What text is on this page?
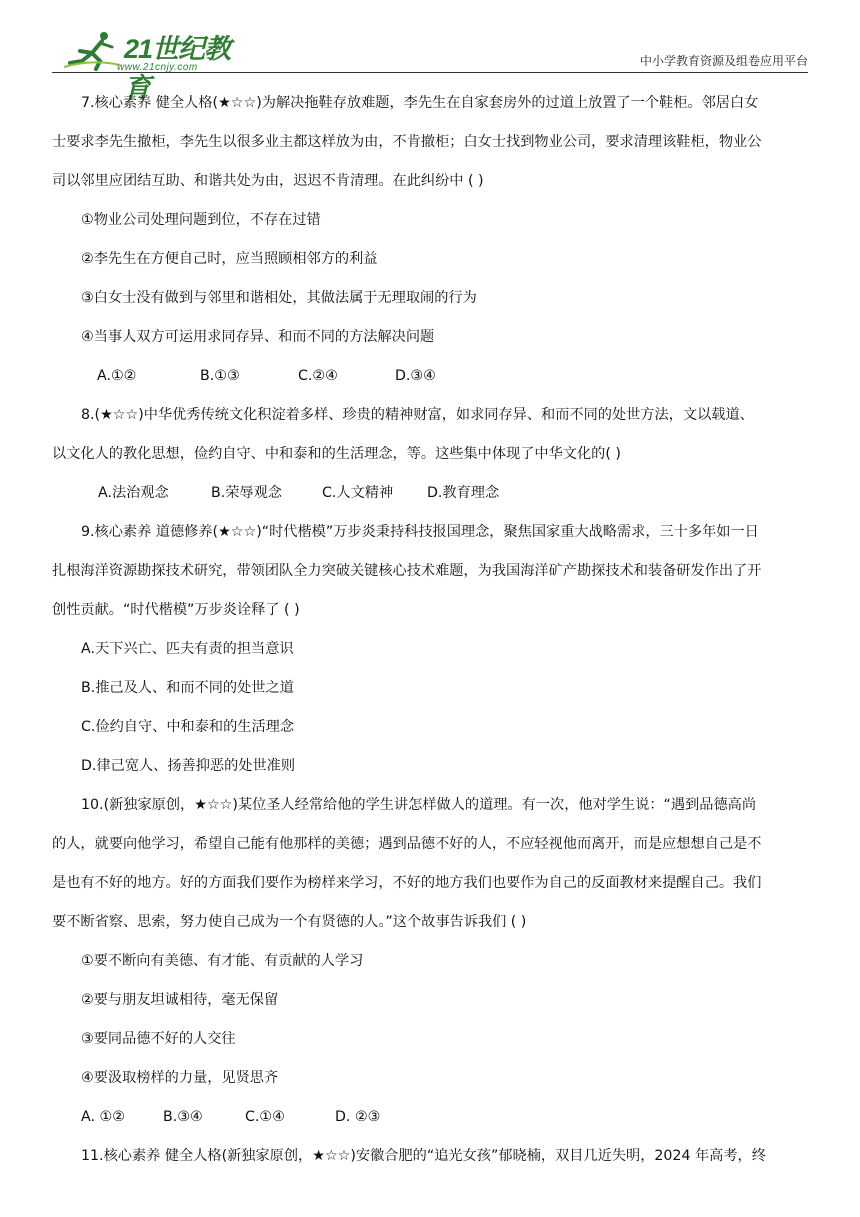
21世纪教育
www.21cnjy.com	中小学教育资源及组卷应用平台

7.核心素养 健全人格(★☆☆)为解决拖鞋存放难题，李先生在自家套房外的过道上放置了一个鞋柜。邻居白女

士要求李先生撤柜，李先生以很多业主都这样放为由，不肯撤柜；白女士找到物业公司，要求清理该鞋柜，物业公

司以邻里应团结互助、和谐共处为由，迟迟不肯清理。在此纠纷中 ( )

①物业公司处理问题到位，不存在过错

②李先生在方便自己时，应当照顾相邻方的利益

③白女士没有做到与邻里和谐相处，其做法属于无理取闹的行为

④当事人双方可运用求同存异、和而不同的方法解决问题

A.①②	B.①③	C.②④	D.③④

8.(★☆☆)中华优秀传统文化积淀着多样、珍贵的精神财富，如求同存异、和而不同的处世方法，文以载道、

以文化人的教化思想，俭约自守、中和泰和的生活理念，等。这些集中体现了中华文化的( )

A.法治观念	B.荣辱观念	C.人文精神 D.教育理念

9.核心素养 道德修养(★☆☆)“时代楷模”万步炎秉持科技报国理念，聚焦国家重大战略需求，三十多年如一日

扎根海洋资源勘探技术研究，带领团队全力突破关键核心技术难题，为我国海洋矿产勘探技术和装备研发作出了开

创性贡献。“时代楷模”万步炎诠释了 ( )

A.天下兴亡、匹夫有责的担当意识

B.推己及人、和而不同的处世之道

C.俭约自守、中和泰和的生活理念

D.律己宽人、扬善抑恶的处世准则

10.(新独家原创，★☆☆)某位圣人经常给他的学生讲怎样做人的道理。有一次，他对学生说：“遇到品德高尚

的人，就要向他学习，希望自己能有他那样的美德；遇到品德不好的人，不应轻视他而离开，而是应想想自己是不

是也有不好的地方。好的方面我们要作为榜样来学习，不好的地方我们也要作为自己的反面教材来提醒自己。我们

要不断省察、思索，努力使自己成为一个有贤德的人。”这个故事告诉我们 ( )

①要不断向有美德、有才能、有贡献的人学习

②要与朋友坦诚相待，毫无保留

③要同品德不好的人交往

④要汲取榜样的力量，见贤思齐

A. ①②	B.③④	C.①④	D. ②③

11.核心素养 健全人格(新独家原创，★☆☆)安徽合肥的“追光女孩”郁晓楠，双目几近失明，2024 年高考，终
